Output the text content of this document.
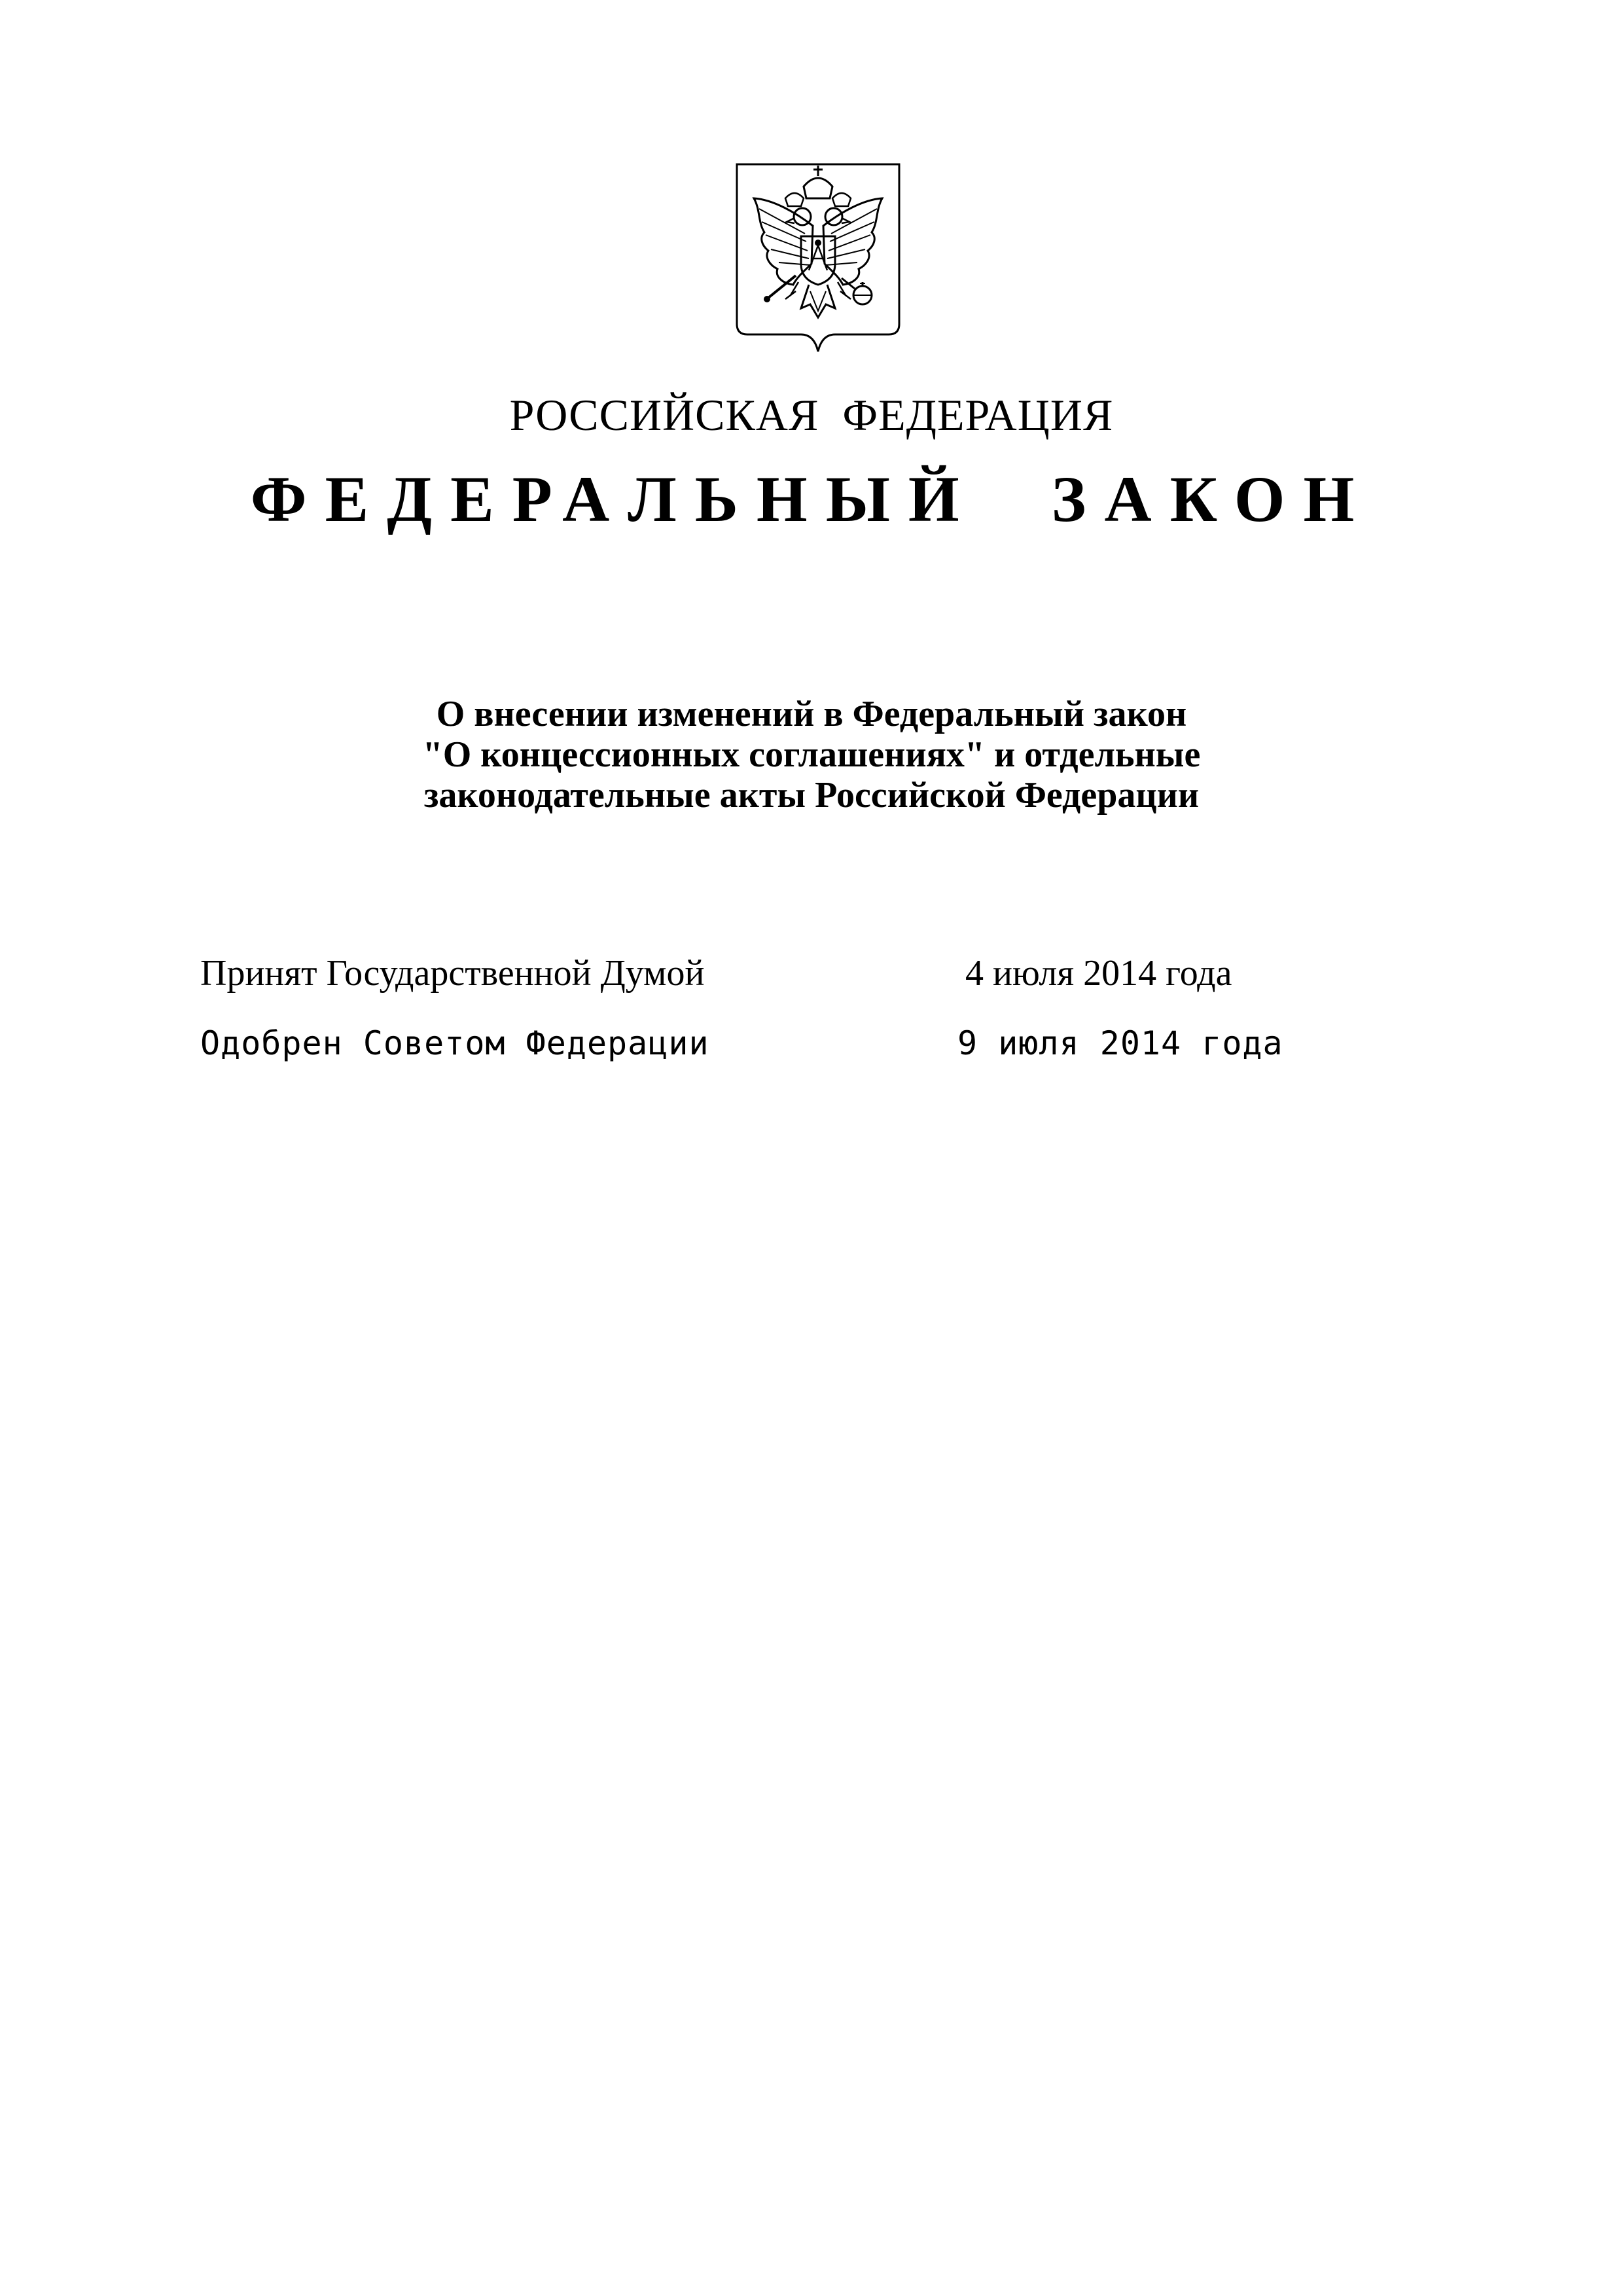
РОССИЙСКАЯ ФЕДЕРАЦИЯ
ФЕДЕРАЛЬНЫЙ ЗАКОН
О внесении изменений в Федеральный закон
"О концессионных соглашениях" и отдельные
законодательные акты Российской Федерации
Принят Государственной Думой	4 июля 2014 года
Одобрен Советом Федерации	9 июля 2014 года
